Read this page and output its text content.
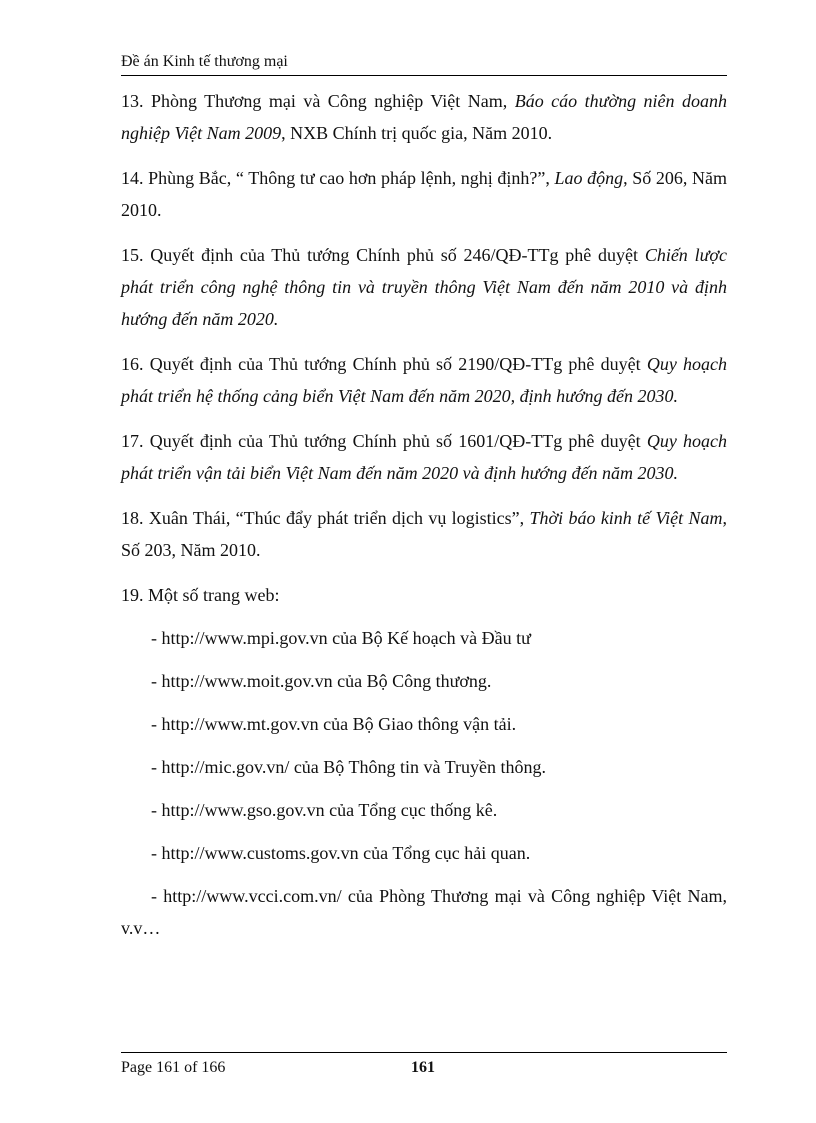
Đề án Kinh tế thương mại

13. Phòng Thương mại và Công nghiệp Việt Nam, Báo cáo thường niên doanh nghiệp Việt Nam 2009, NXB Chính trị quốc gia, Năm 2010.

14. Phùng Bắc, “ Thông tư cao hơn pháp lệnh, nghị định?”, Lao động, Số 206, Năm 2010.

15. Quyết định của Thủ tướng Chính phủ số 246/QĐ-TTg phê duyệt Chiến lược phát triển công nghệ thông tin và truyền thông Việt Nam đến năm 2010 và định hướng đến năm 2020.

16. Quyết định của Thủ tướng Chính phủ số 2190/QĐ-TTg phê duyệt Quy hoạch phát triển hệ thống cảng biển Việt Nam đến năm 2020, định hướng đến 2030.

17. Quyết định của Thủ tướng Chính phủ số 1601/QĐ-TTg phê duyệt Quy hoạch phát triển vận tải biển Việt Nam đến năm 2020 và định hướng đến năm 2030.

18. Xuân Thái, “Thúc đẩy phát triển dịch vụ logistics”, Thời báo kinh tế Việt Nam, Số 203, Năm 2010.

19. Một số trang web:

- http://www.mpi.gov.vn của Bộ Kế hoạch và Đầu tư

- http://www.moit.gov.vn của Bộ Công thương.

- http://www.mt.gov.vn của Bộ Giao thông vận tải.

- http://mic.gov.vn/ của Bộ Thông tin và Truyền thông.

- http://www.gso.gov.vn của Tổng cục thống kê.

- http://www.customs.gov.vn của Tổng cục hải quan.

- http://www.vcci.com.vn/ của Phòng Thương mại và Công nghiệp Việt Nam, v.v…

Page 161 of 166	161
